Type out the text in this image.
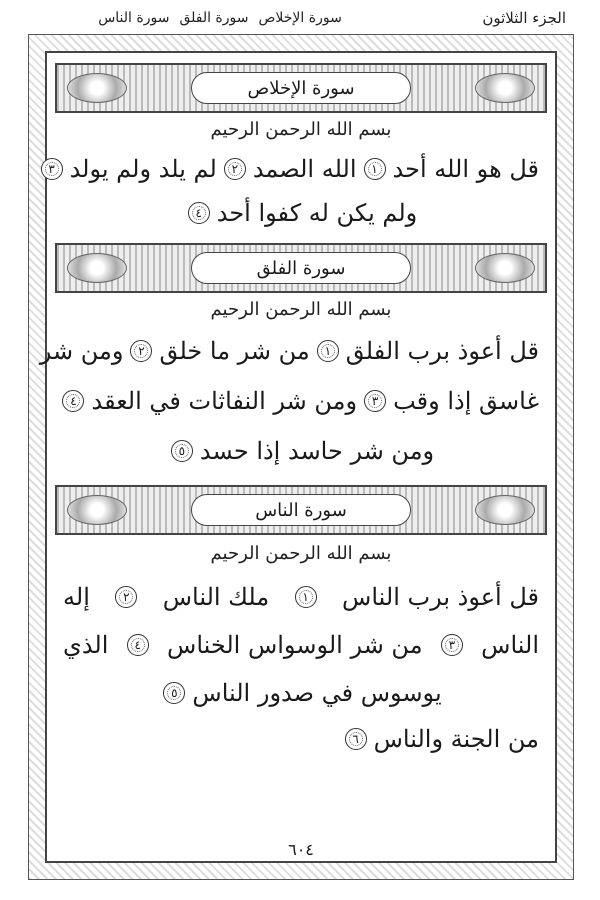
الجزء الثلاثون
سورة الإخلاص
سورة الفلق
سورة الناس
سورة الإخلاص
بسم الله الرحمن الرحيم
قل هو الله أحد
١
الله الصمد
٢
لم يلد ولم يولد
٣
ولم يكن له كفوا أحد
٤
سورة الفلق
بسم الله الرحمن الرحيم
قل أعوذ برب الفلق
١
من شر ما خلق
٢
ومن شر
غاسق إذا وقب
٣
ومن شر النفاثات في العقد
٤
ومن شر حاسد إذا حسد
٥
سورة الناس
بسم الله الرحمن الرحيم
قل أعوذ برب الناس
١
ملك الناس
٢
إله
الناس
٣
من شر الوسواس الخناس
٤
الذي
يوسوس في صدور الناس
٥
من الجنة والناس
٦
٦٠٤
